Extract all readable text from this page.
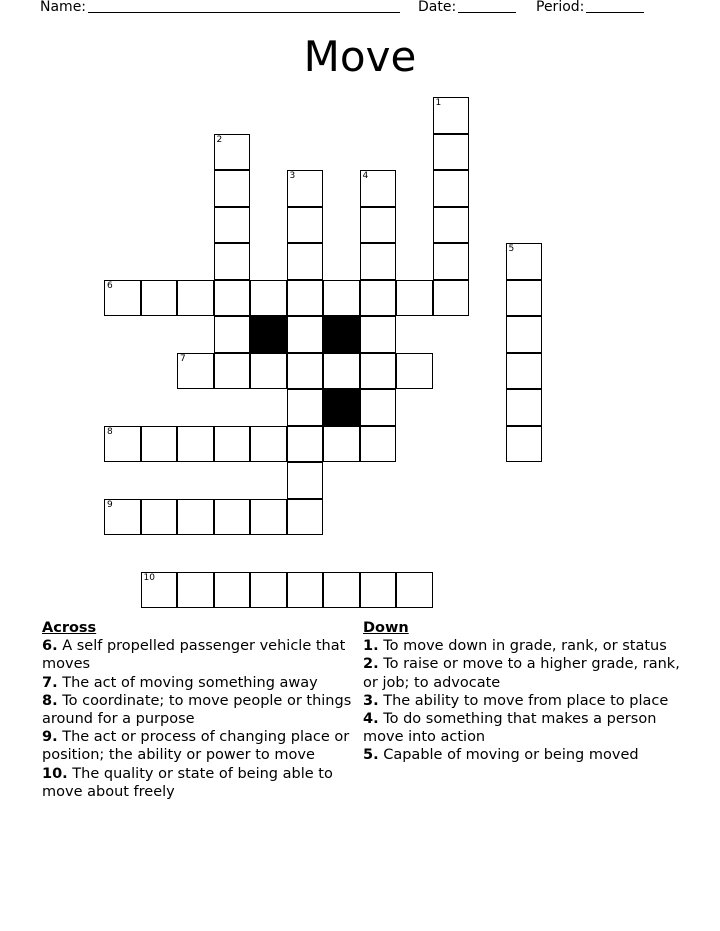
Name:	Date:	Period:
Move
1
2
3	4
5
6
7
8
9
10
Across
6. A self propelled passenger vehicle that moves
7. The act of moving something away
8. To coordinate; to move people or things around for a purpose
9. The act or process of changing place or position; the ability or power to move
10. The quality or state of being able to move about freely
Down
1. To move down in grade, rank, or status
2. To raise or move to a higher grade, rank, or job; to advocate
3. The ability to move from place to place
4. To do something that makes a person move into action
5. Capable of moving or being moved
